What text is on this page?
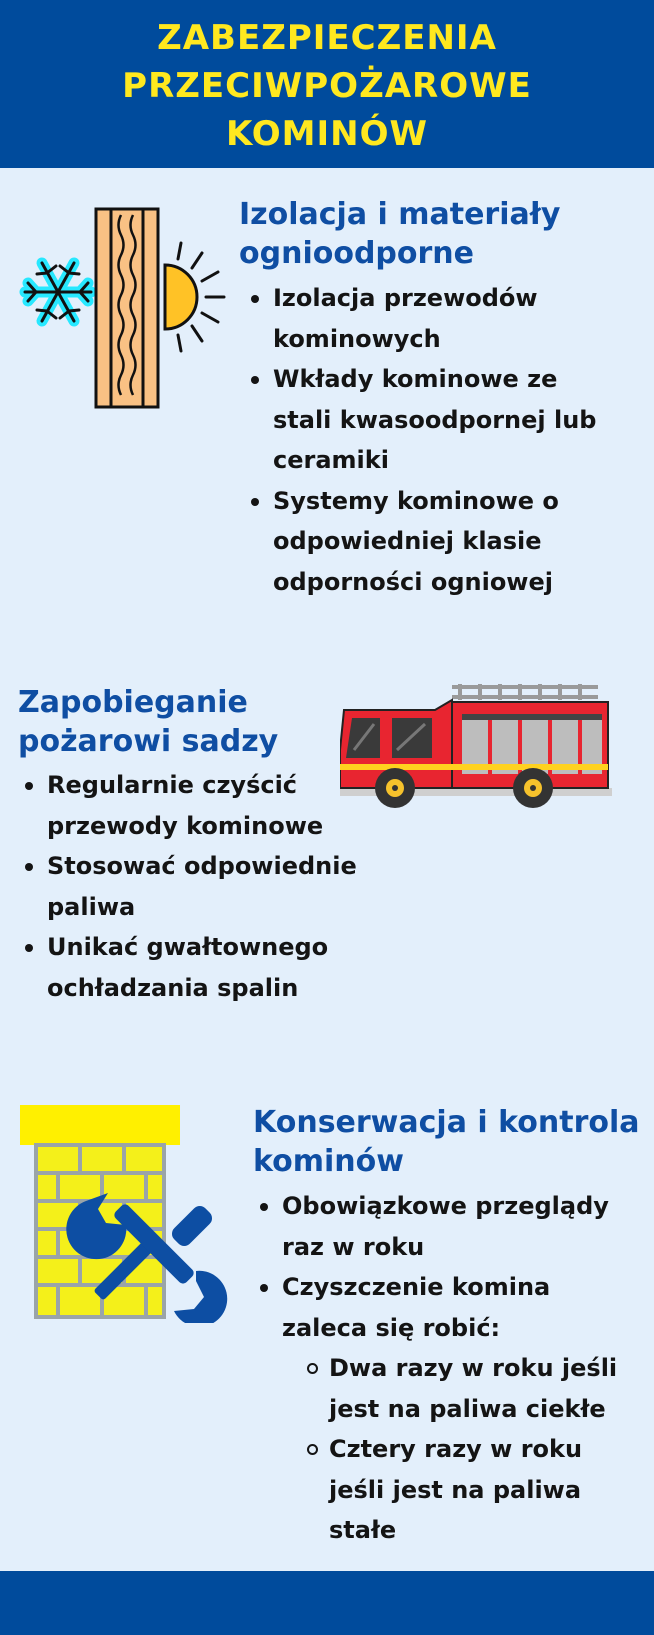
ZABEZPIECZENIA
PRZECIWPOŻAROWE
KOMINÓW
Izolacja i materiały
ognioodporne
Izolacja przewodów
kominowych
Wkłady kominowe ze
stali kwasoodpornej lub
ceramiki
Systemy kominowe o
odpowiedniej klasie
odporności ogniowej
Zapobieganie
pożarowi sadzy
Regularnie czyścić
przewody kominowe
Stosować odpowiednie
paliwa
Unikać gwałtownego
ochładzania spalin
Konserwacja i kontrola
kominów
Obowiązkowe przeglądy
raz w roku
Czyszczenie komina
zaleca się robić:
Dwa razy w roku jeśli
jest na paliwa ciekłe
Cztery razy w roku
jeśli jest na paliwa
stałe
